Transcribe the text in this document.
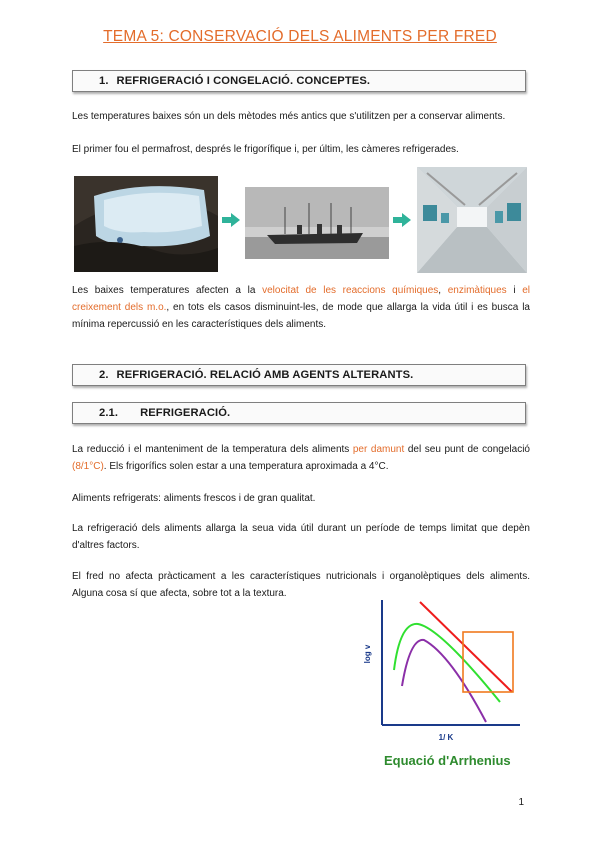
TEMA 5: CONSERVACIÓ DELS ALIMENTS PER FRED
1. REFRIGERACIÓ I CONGELACIÓ. CONCEPTES.
Les temperatures baixes són un dels mètodes més antics que s'utilitzen per a conservar aliments.
El primer fou el permafrost, després le frigorífique i, per últim, les càmeres refrigerades.
Les baixes temperatures afecten a la velocitat de les reaccions químiques, enzimàtiques i el creixement dels m.o., en tots els casos disminuint-les, de mode que allarga la vida útil i es busca la mínima repercussió en les característiques dels aliments.
2. REFRIGERACIÓ. RELACIÓ AMB AGENTS ALTERANTS.
2.1. REFRIGERACIÓ.
La reducció i el manteniment de la temperatura dels aliments per damunt del seu punt de congelació (8/1°C). Els frigorífics solen estar a una temperatura aproximada a 4°C.
Aliments refrigerats: aliments frescos i de gran qualitat.
La refrigeració dels aliments allarga la seua vida útil durant un període de temps limitat que depèn d'altres factors.
El fred no afecta pràcticament a les característiques nutricionals i organolèptiques dels aliments. Alguna cosa sí que afecta, sobre tot a la textura.
log v
1/ K
Equació d'Arrhenius
1
